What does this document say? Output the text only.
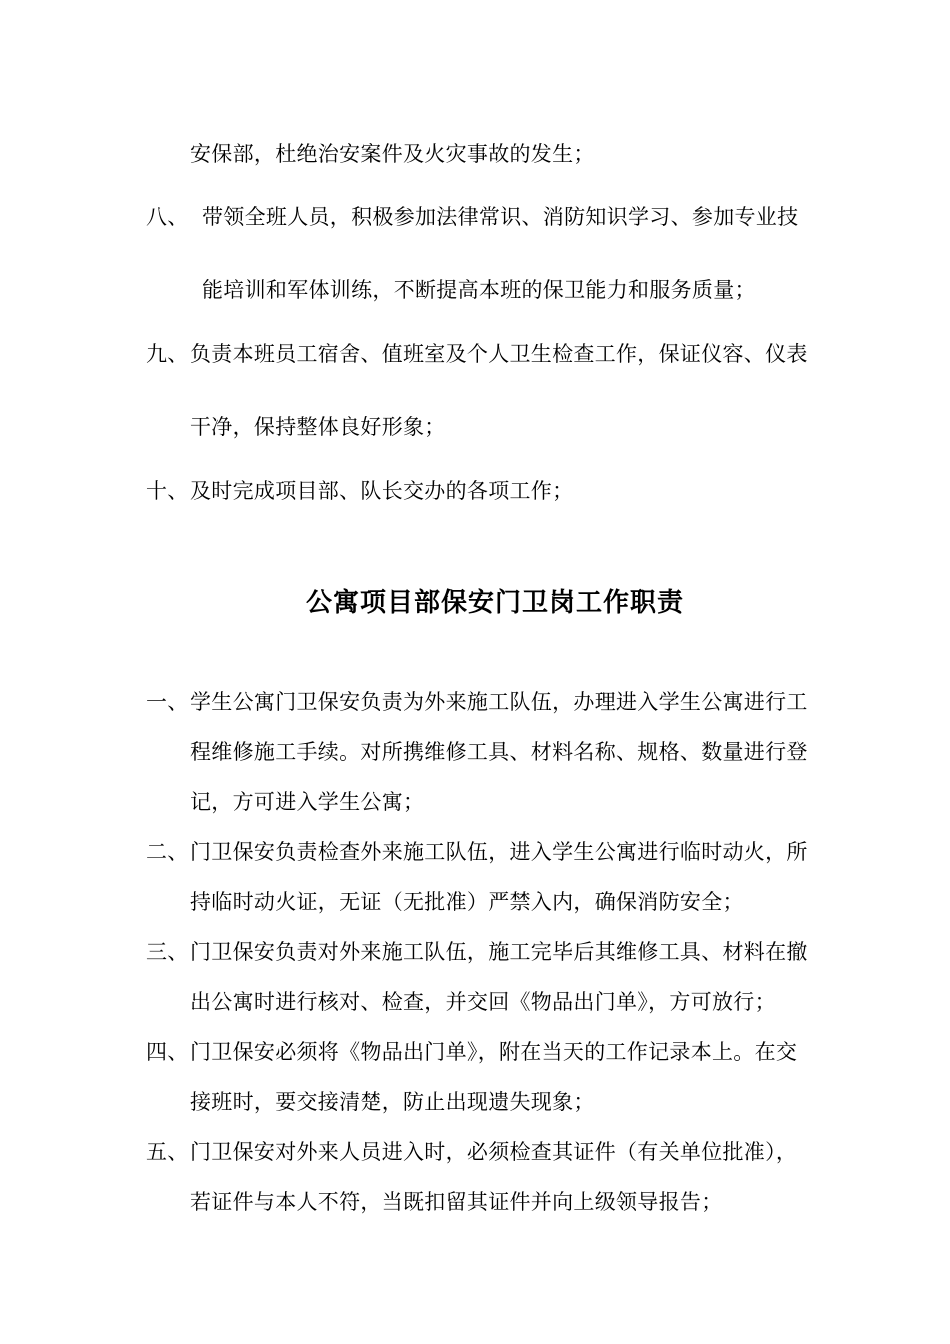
安保部，杜绝治安案件及火灾事故的发生；
八、 带领全班人员，积极参加法律常识、消防知识学习、参加专业技
能培训和军体训练，不断提高本班的保卫能力和服务质量；
九、 负责本班员工宿舍、值班室及个人卫生检查工作，保证仪容、仪表
干净，保持整体良好形象；
十、 及时完成项目部、队长交办的各项工作；
公寓项目部保安门卫岗工作职责
一、 学生公寓门卫保安负责为外来施工队伍，办理进入学生公寓进行工
程维修施工手续。对所携维修工具、材料名称、规格、数量进行登
记，方可进入学生公寓；
二、 门卫保安负责检查外来施工队伍，进入学生公寓进行临时动火，所
持临时动火证，无证（无批准）严禁入内，确保消防安全；
三、 门卫保安负责对外来施工队伍，施工完毕后其维修工具、材料在撤
出公寓时进行核对、检查，并交回《物品出门单》，方可放行；
四、 门卫保安必须将《物品出门单》，附在当天的工作记录本上。在交
接班时，要交接清楚，防止出现遗失现象；
五、 门卫保安对外来人员进入时，必须检查其证件（有关单位批准），
若证件与本人不符，当既扣留其证件并向上级领导报告；
